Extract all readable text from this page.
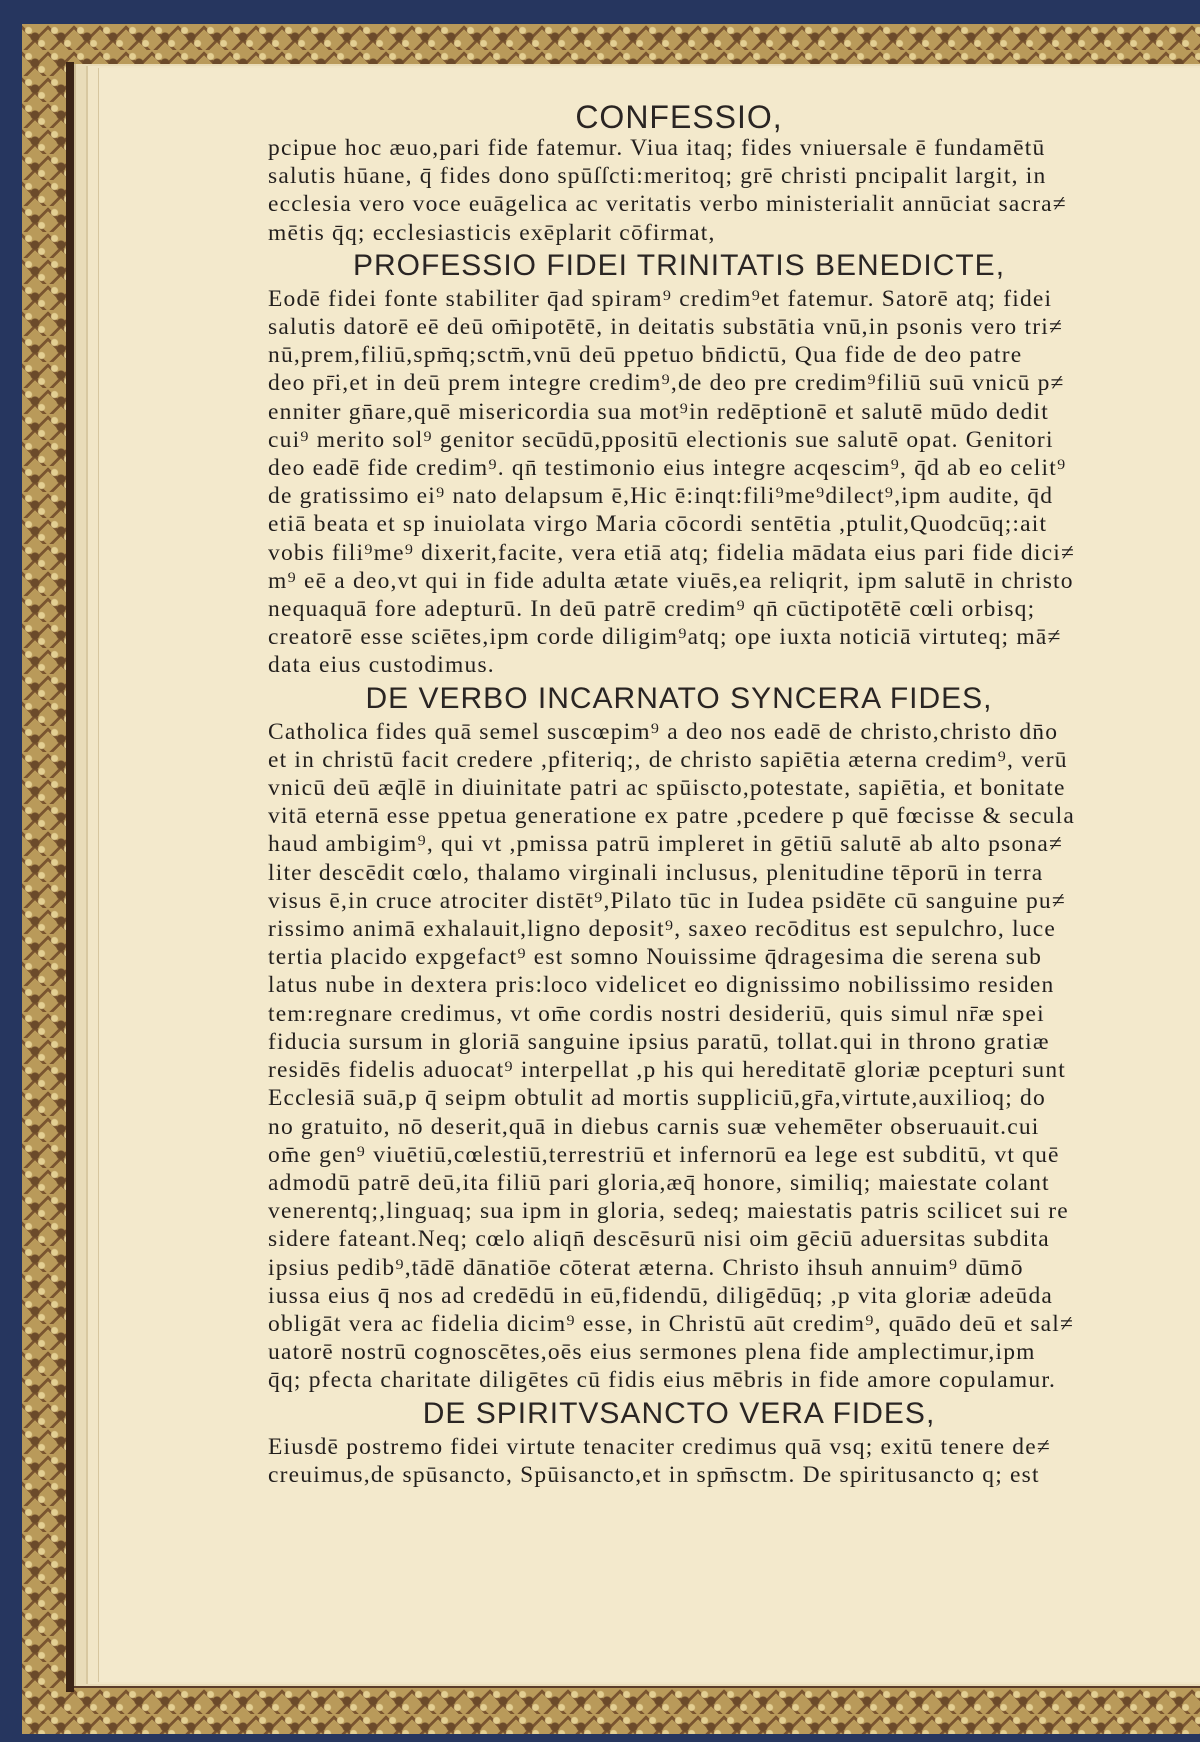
CONFESSIO,
pcipue hoc æuo,pari fide fatemur. Viua itaq; fides vniuersale ē fundamētū
salutis hūane, q̄ fides dono spūſſcti:meritoq; grē christi pncipalit largit, in
ecclesia vero voce euāgelica ac veritatis verbo ministerialit annūciat sacra≠
mētis q̄q; ecclesiasticis exēplarit cōfirmat,
PROFESSIO FIDEI TRINITATIS BENEDICTE,
Eodē fidei fonte stabiliter q̄ad spiram⁹ credim⁹et fatemur. Satorē atq; fidei
salutis datorē eē deū om̄ipotētē, in deitatis substātia vnū,in psonis vero tri≠
nū,prem,filiū,spm̄q;sctm̄,vnū deū ppetuo bn̄dictū, Qua fide de deo patre
deo pr̄i,et in deū prem integre credim⁹,de deo pre credim⁹filiū suū vnicū p≠
enniter gn̄are,quē misericordia sua mot⁹in redēptionē et salutē mūdo dedit
cui⁹ merito sol⁹ genitor secūdū,ppositū electionis sue salutē opat. Genitori
deo eadē fide credim⁹. qn̄ testimonio eius integre acqescim⁹, q̄d ab eo celit⁹
de gratissimo ei⁹ nato delapsum ē,Hic ē:inqt:fili⁹me⁹dilect⁹,ipm audite, q̄d
etiā beata et sp inuiolata virgo Maria cōcordi sentētia ,ptulit,Quodcūq;:ait
vobis fili⁹me⁹ dixerit,facite, vera etiā atq; fidelia mādata eius pari fide dici≠
m⁹ eē a deo,vt qui in fide adulta ætate viuēs,ea reliqrit, ipm salutē in christo
nequaquā fore adepturū. In deū patrē credim⁹ qn̄ cūctipotētē cœli orbisq;
creatorē esse sciētes,ipm corde diligim⁹atq; ope iuxta noticiā virtuteq; mā≠
data eius custodimus.
DE VERBO INCARNATO SYNCERA FIDES,
Catholica fides quā semel suscœpim⁹ a deo nos eadē de christo,christo dn̄o
et in christū facit credere ,pfiteriq;, de christo sapiētia æterna credim⁹, verū
vnicū deū æq̄lē in diuinitate patri ac spūiscto,potestate, sapiētia, et bonitate
vitā eternā esse ppetua generatione ex patre ,pcedere p quē fœcisse & secula
haud ambigim⁹, qui vt ,pmissa patrū impleret in gētiū salutē ab alto psona≠
liter descēdit cœlo, thalamo virginali inclusus, plenitudine tēporū in terra
visus ē,in cruce atrociter distēt⁹,Pilato tūc in Iudea psidēte cū sanguine pu≠
rissimo animā exhalauit,ligno deposit⁹, saxeo recōditus est sepulchro, luce
tertia placido expgefact⁹ est somno Nouissime q̄dragesima die serena sub
latus nube in dextera pris:loco videlicet eo dignissimo nobilissimo residen
tem:regnare credimus, vt om̄e cordis nostri desideriū, quis simul nr̄æ spei
fiducia sursum in gloriā sanguine ipsius paratū, tollat.qui in throno gratiæ
residēs fidelis aduocat⁹ interpellat ,p his qui hereditatē gloriæ pcepturi sunt
Ecclesiā suā,p q̄ seipm obtulit ad mortis suppliciū,gr̄a,virtute,auxilioq; do
no gratuito, nō deserit,quā in diebus carnis suæ vehemēter obseruauit.cui
om̄e gen⁹ viuētiū,cœlestiū,terrestriū et infernorū ea lege est subditū, vt quē
admodū patrē deū,ita filiū pari gloria,æq̄ honore, similiq; maiestate colant
venerentq;,linguaq; sua ipm in gloria, sedeq; maiestatis patris scilicet sui re
sidere fateant.Neq; cœlo aliqn̄ descēsurū nisi oim gēciū aduersitas subdita
ipsius pedib⁹,tādē dānatiōe cōterat æterna. Christo ihsuh annuim⁹ dūmō
iussa eius q̄ nos ad credēdū in eū,fidendū, diligēdūq; ,p vita gloriæ adeūda
obligāt vera ac fidelia dicim⁹ esse, in Christū aūt credim⁹, quādo deū et sal≠
uatorē nostrū cognoscētes,oēs eius sermones plena fide amplectimur,ipm
q̄q; pfecta charitate diligētes cū fidis eius mēbris in fide amore copulamur.
DE SPIRITVSANCTO VERA FIDES,
Eiusdē postremo fidei virtute tenaciter credimus quā vsq; exitū tenere de≠
creuimus,de spūsancto, Spūisancto,et in spm̄sctm. De spiritusancto q; est
